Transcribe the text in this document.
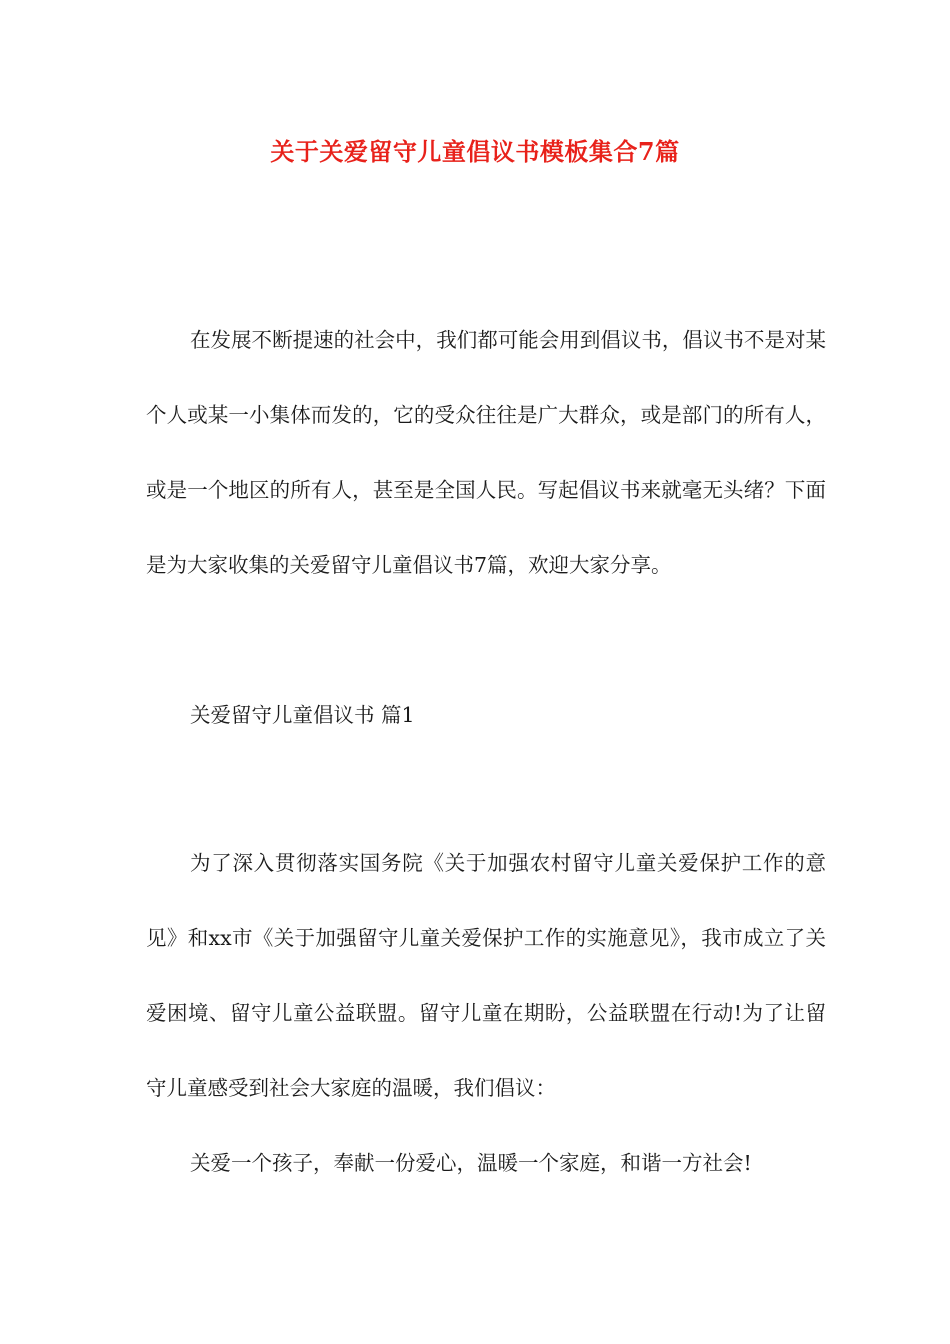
关于关爱留守儿童倡议书模板集合7篇

在发展不断提速的社会中，我们都可能会用到倡议书，倡议书不是对某个人或某一小集体而发的，它的受众往往是广大群众，或是部门的所有人，或是一个地区的所有人，甚至是全国人民。写起倡议书来就毫无头绪？下面是为大家收集的关爱留守儿童倡议书7篇，欢迎大家分享。

关爱留守儿童倡议书 篇1

为了深入贯彻落实国务院《关于加强农村留守儿童关爱保护工作的意见》和xx市《关于加强留守儿童关爱保护工作的实施意见》，我市成立了关爱困境、留守儿童公益联盟。留守儿童在期盼，公益联盟在行动!为了让留守儿童感受到社会大家庭的温暖，我们倡议：

关爱一个孩子，奉献一份爱心，温暖一个家庭，和谐一方社会!
